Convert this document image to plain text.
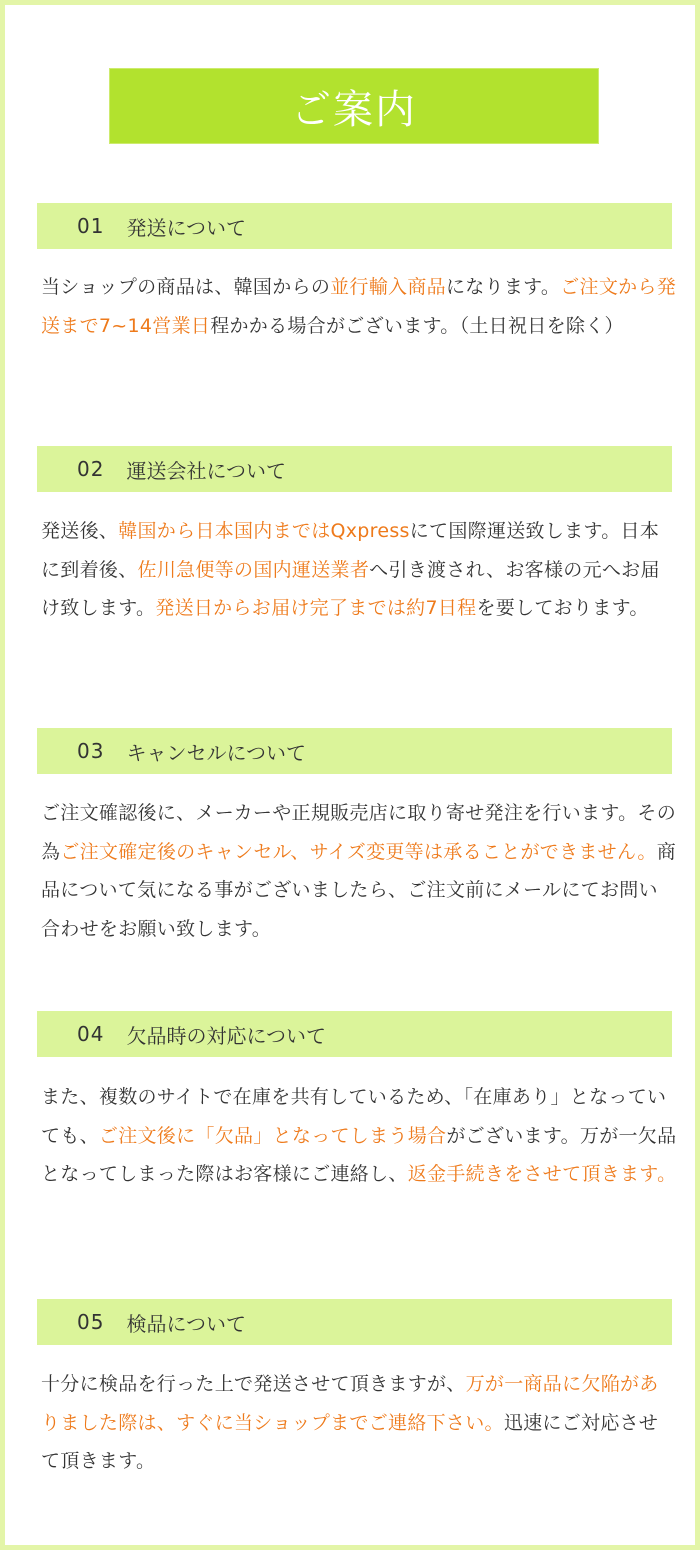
ご案内
01 発送について
当ショップの商品は、韓国からの並行輸入商品になります。ご注文から発送まで7~14営業日程かかる場合がございます。（土日祝日を除く）
02 運送会社について
発送後、韓国から日本国内まではQxpressにて国際運送致します。日本に到着後、佐川急便等の国内運送業者へ引き渡され、お客様の元へお届け致します。発送日からお届け完了までは約7日程を要しております。
03 キャンセルについて
ご注文確認後に、メーカーや正規販売店に取り寄せ発注を行います。その為ご注文確定後のキャンセル、サイズ変更等は承ることができません。商品について気になる事がございましたら、ご注文前にメールにてお問い合わせをお願い致します。
04 欠品時の対応について
また、複数のサイトで在庫を共有しているため、「在庫あり」となっていても、ご注文後に「欠品」となってしまう場合がございます。万が一欠品となってしまった際はお客様にご連絡し、返金手続きをさせて頂きます。
05 検品について
十分に検品を行った上で発送させて頂きますが、万が一商品に欠陥がありました際は、すぐに当ショップまでご連絡下さい。迅速にご対応させて頂きます。
